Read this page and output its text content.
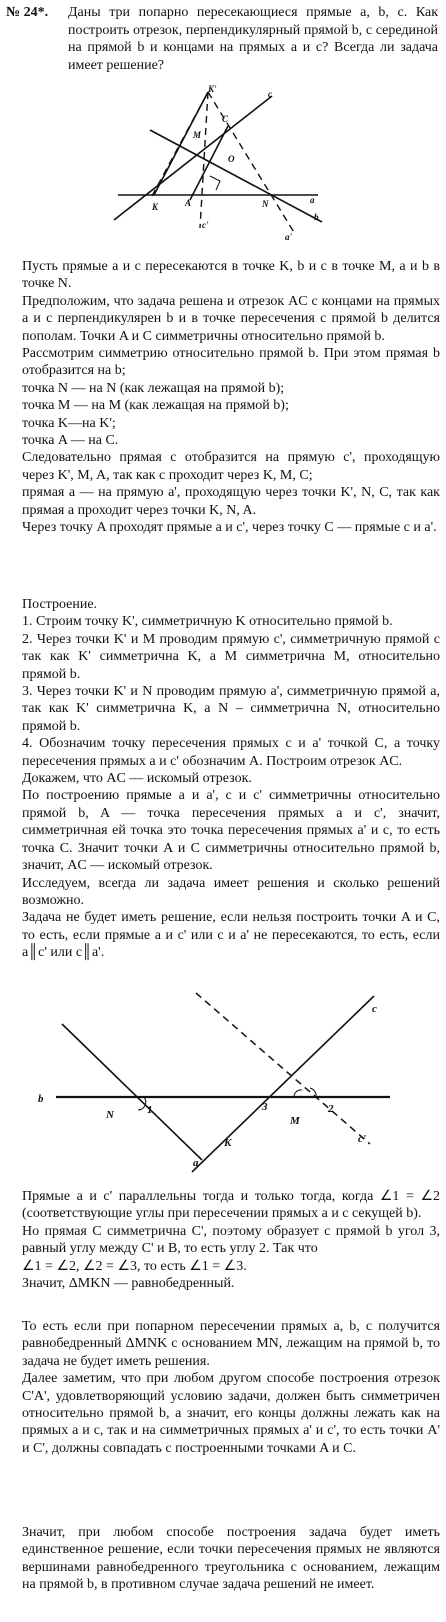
№ 24*.	Даны три попарно пересекающиеся прямые a, b, c. Как построить отрезок, перпендикулярный прямой b, с серединой на прямой b и концами на прямых a и c? Всегда ли задача имеет решение?
K'	c
M
C
O
K	A	N	a
b
c'
a'

Пусть прямые a и c пересекаются в точке K, b и c в точке M, a и b в точке N.

Предположим, что задача решена и отрезок AC с концами на прямых a и c перпендикулярен b и в точке пересечения с прямой b делится пополам. Точки A и C симметричны относительно прямой b.

Рассмотрим симметрию относительно прямой b. При этом прямая b отобразится на b;

точка N — на N (как лежащая на прямой b);

точка M — на M (как лежащая на прямой b);

точка K—на K';

точка A — на C.

Следовательно прямая c отобразится на прямую c', проходящую через K', M, A, так как c проходит через K, M, C;

прямая a — на прямую a', проходящую через точки K', N, C, так как прямая a проходит через точки K, N, A.

Через точку A проходят прямые a и c', через точку C — прямые c и a'.

Построение.

1. Строим точку K', симметричную K относительно прямой b.

2. Через точки K' и M проводим прямую c', симметричную прямой c так как K' симметрична K, а M симметрична M, относительно прямой b.

3. Через точки K' и N проводим прямую a', симметричную прямой a, так как K' симметрична K, а N – симметрична N, относительно прямой b.

4. Обозначим точку пересечения прямых c и a' точкой C, а точку пересечения прямых a и c' обозначим A. Построим отрезок AC.

Докажем, что AC — искомый отрезок.

По построению прямые a и a', c и c' симметричны относительно прямой b, A — точка пересечения прямых a и c', значит, симметричная ей точка это точка пересечения прямых a' и c, то есть точка C. Значит точки A и C симметричны относительно прямой b, значит, AC — искомый отрезок.

Исследуем, всегда ли задача имеет решения и сколько решений возможно.

Задача не будет иметь решение, если нельзя построить точки A и C, то есть, если прямые a и c' или c и a' не пересекаются, то есть, если a║c' или c║a'.

b
N	1	3	2
M
K
a
c
c'

Прямые a и c' параллельны тогда и только тогда, когда ∠1 = ∠2 (соответствующие углы при пересечении прямых a и c секущей b).

Но прямая C симметрична C', поэтому образует с прямой b угол 3, равный углу между C' и B, то есть углу 2. Так что

∠1 = ∠2, ∠2 = ∠3, то есть ∠1 = ∠3.

Значит, ΔMKN — равнобедренный.

То есть если при попарном пересечении прямых a, b, c получится равнобедренный ΔMNK с основанием MN, лежащим на прямой b, то задача не будет иметь решения.

Далее заметим, что при любом другом способе построения отрезок C'A', удовлетворяющий условию задачи, должен быть симметричен относительно прямой b, а значит, его концы должны лежать как на прямых a и c, так и на симметричных прямых a' и c', то есть точки A' и C', должны совпадать с построенными точками A и C.

Значит, при любом способе построения задача будет иметь единственное решение, если точки пересечения прямых не являются вершинами равнобедренного треугольника с основанием, лежащим на прямой b, в противном случае задача решений не имеет.
